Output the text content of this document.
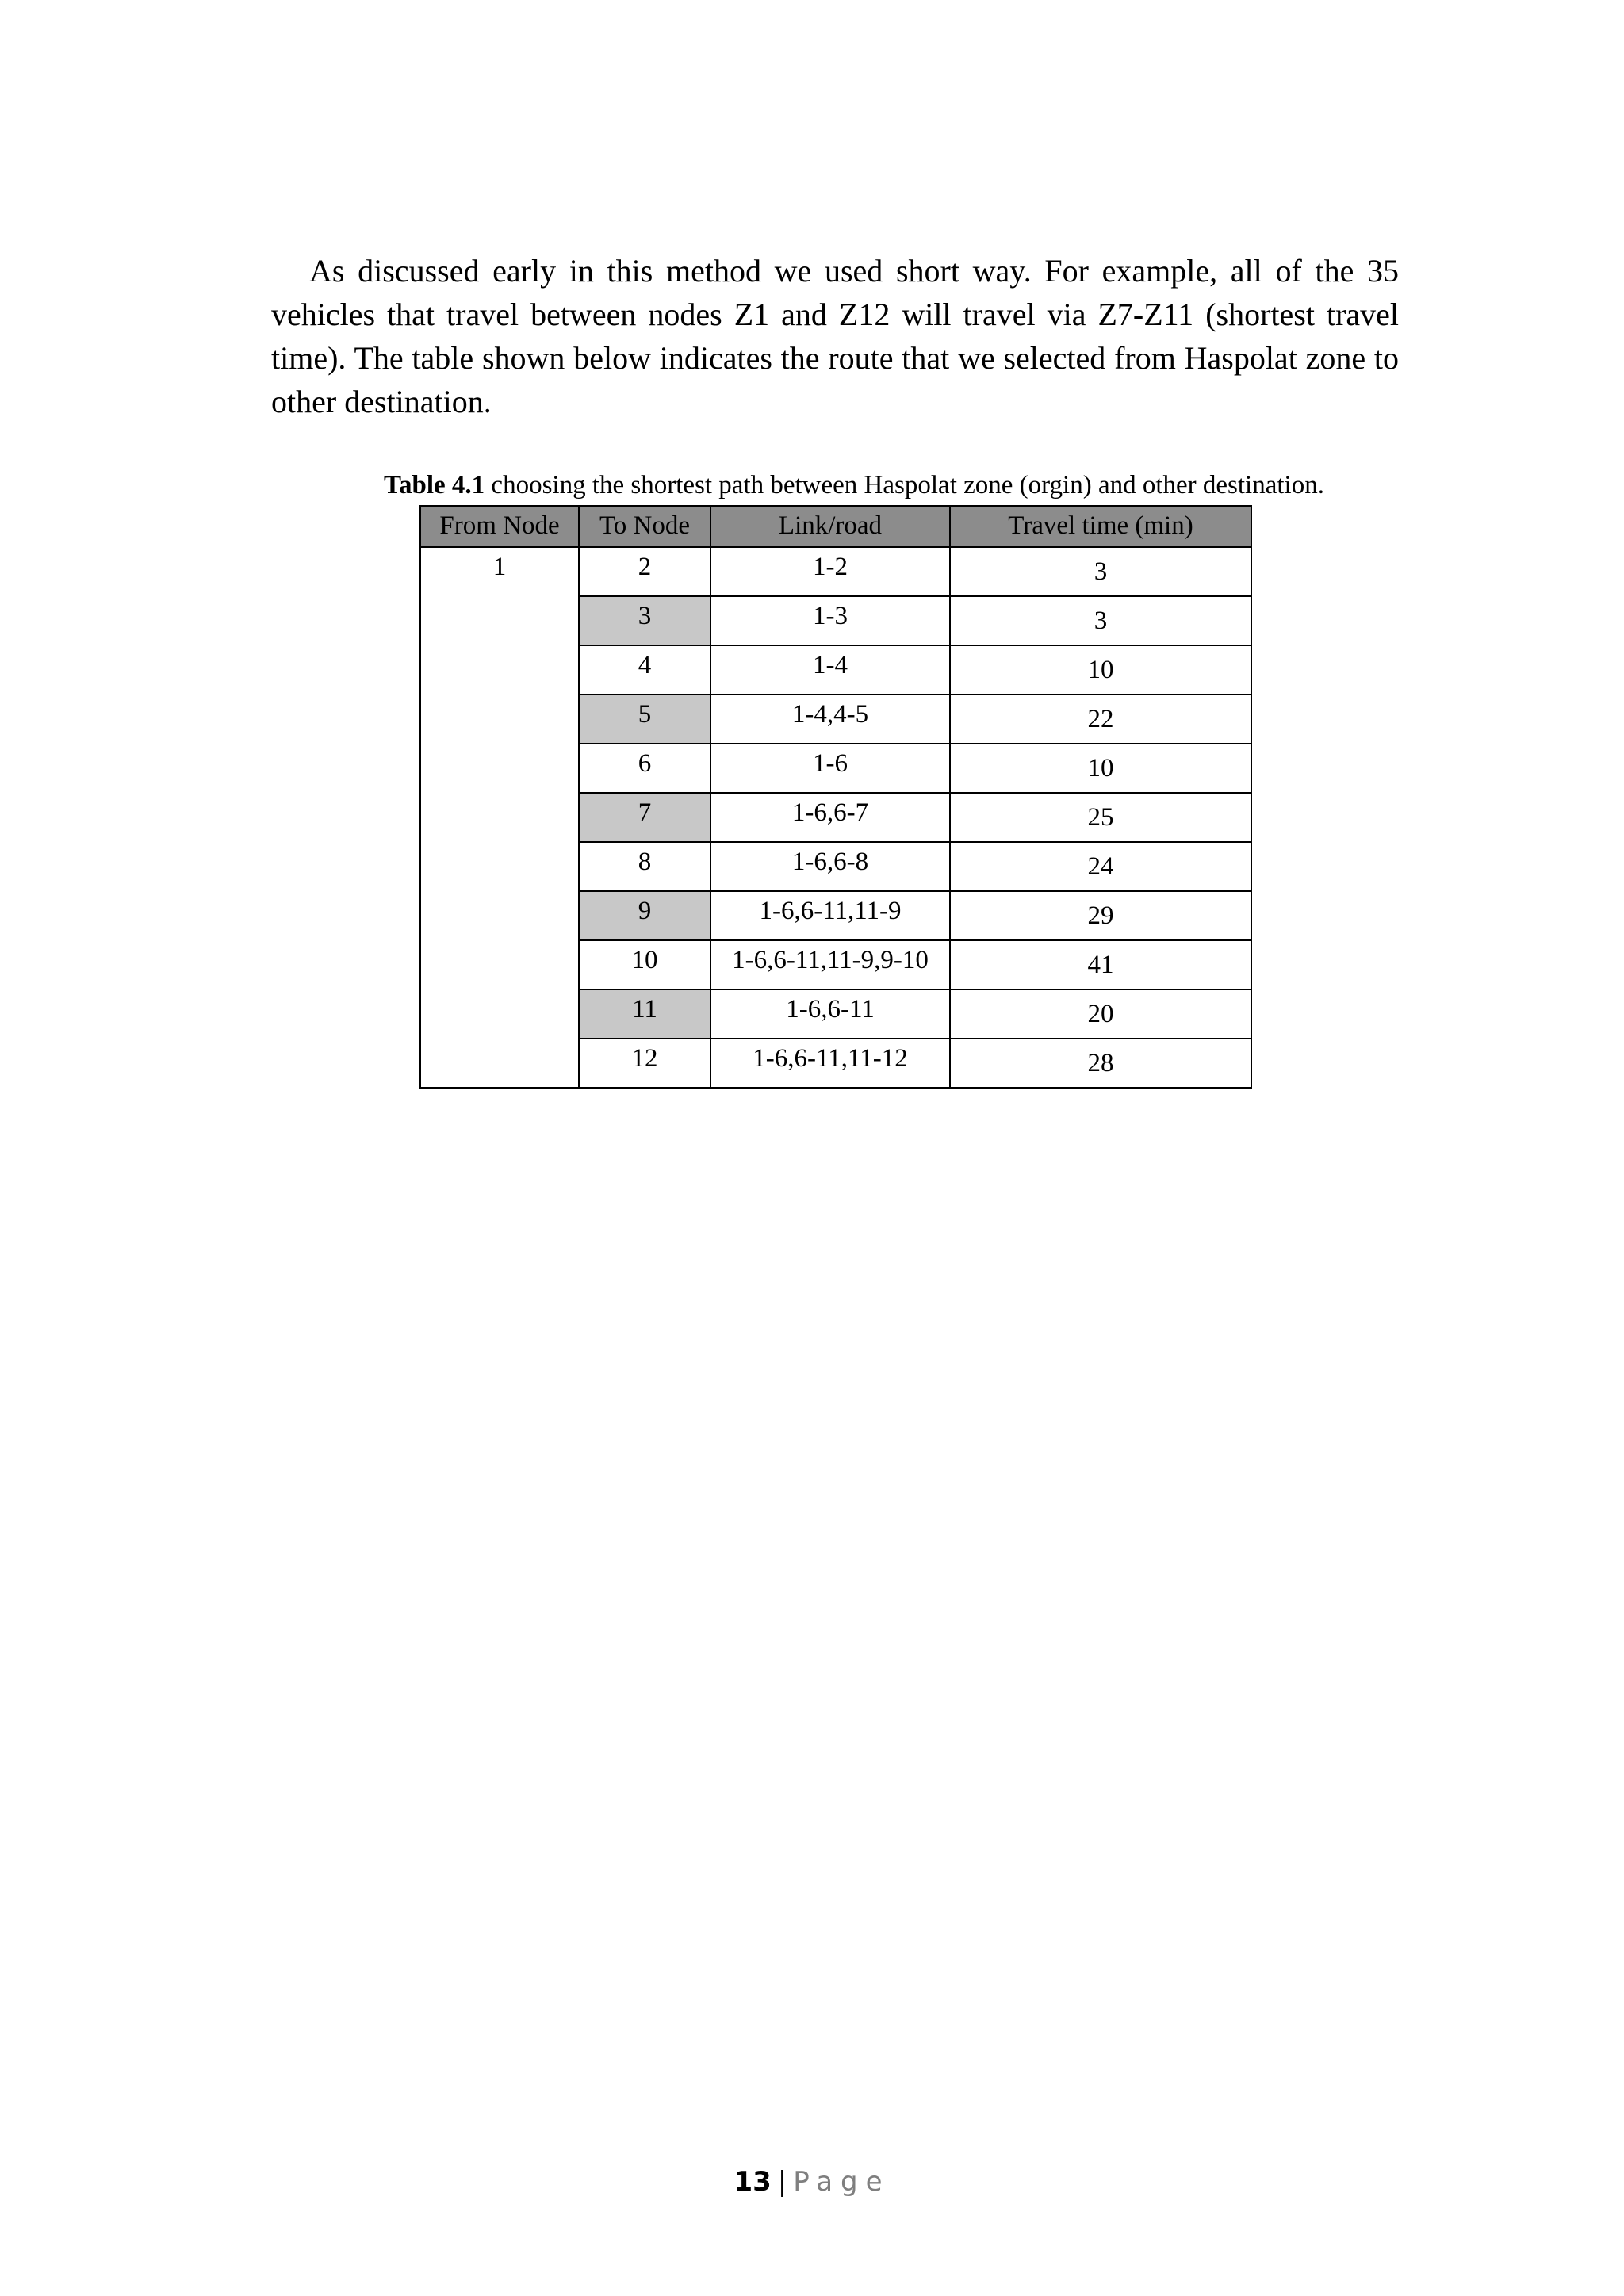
As discussed early in this method we used short way. For example, all of the 35 vehicles that travel between nodes Z1 and Z12 will travel via Z7-Z11 (shortest travel time). The table shown below indicates the route that we selected from Haspolat zone to other destination.

Table 4.1 choosing the shortest path between Haspolat zone (orgin) and other destination.

From Node	To Node	Link/road	Travel time (min)
1	2	1-2	3
	3	1-3	3
	4	1-4	10
	5	1-4,4-5	22
	6	1-6	10
	7	1-6,6-7	25
	8	1-6,6-8	24
	9	1-6,6-11,11-9	29
	10	1-6,6-11,11-9,9-10	41
	11	1-6,6-11	20
	12	1-6,6-11,11-12	28
13 | Page
